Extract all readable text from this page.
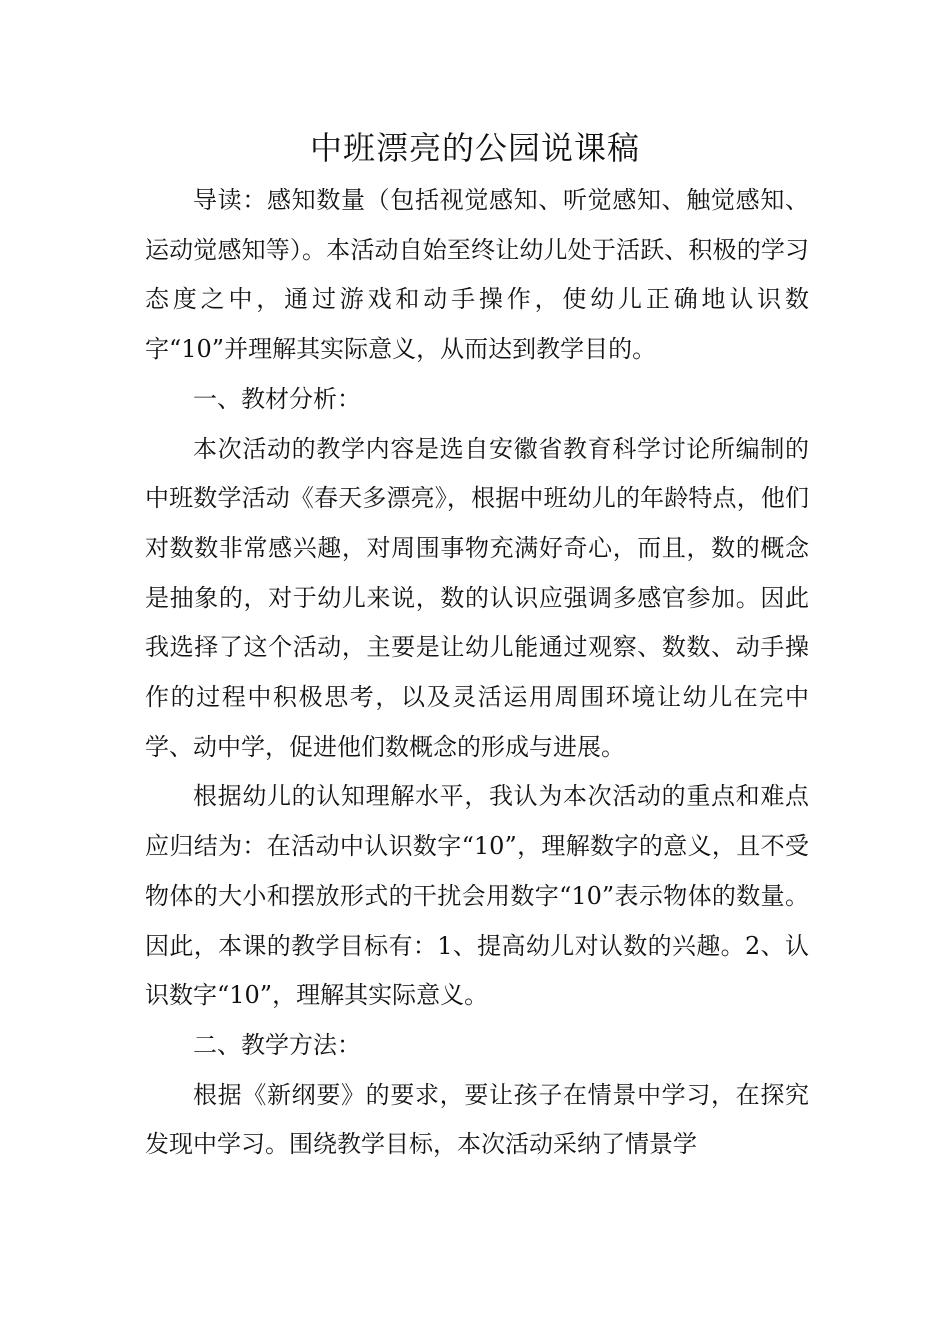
中班漂亮的公园说课稿

导读：感知数量（包括视觉感知、听觉感知、触觉感知、运动觉感知等）。本活动自始至终让幼儿处于活跃、积极的学习态度之中，通过游戏和动手操作，使幼儿正确地认识数字“10”并理解其实际意义，从而达到教学目的。

一、教材分析：

本次活动的教学内容是选自安徽省教育科学讨论所编制的中班数学活动《春天多漂亮》，根据中班幼儿的年龄特点，他们对数数非常感兴趣，对周围事物充满好奇心，而且，数的概念是抽象的，对于幼儿来说，数的认识应强调多感官参加。因此我选择了这个活动，主要是让幼儿能通过观察、数数、动手操作的过程中积极思考，以及灵活运用周围环境让幼儿在完中学、动中学，促进他们数概念的形成与进展。

根据幼儿的认知理解水平，我认为本次活动的重点和难点应归结为：在活动中认识数字“10”，理解数字的意义，且不受物体的大小和摆放形式的干扰会用数字“10”表示物体的数量。因此，本课的教学目标有：1、提高幼儿对认数的兴趣。2、认识数字“10”，理解其实际意义。

二、教学方法：

根据《新纲要》的要求，要让孩子在情景中学习，在探究发现中学习。围绕教学目标，本次活动采纳了情景学
